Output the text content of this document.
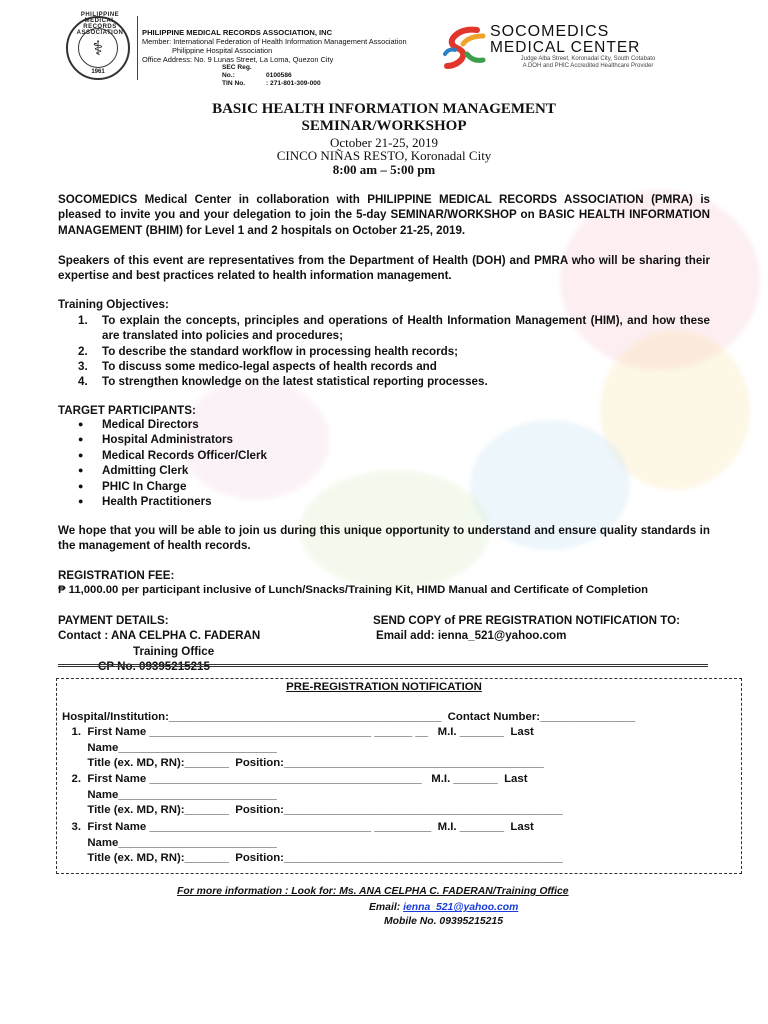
PHILIPPINE MEDICAL RECORDS ASSOCIATION
⚕
1961
PHILIPPINE MEDICAL RECORDS ASSOCIATION, INC
Member: International Federation of Health Information Management Association
Philippine Hospital Association
Office Address: No. 9 Lunas Street, La Loma, Quezon City
SEC Reg. No.:	0100586
TIN No.	: 271-801-309-000
SOCOMEDICS
MEDICAL CENTER
Judge Alba Street, Koronadal City, South Cotabato
A DOH and PHIC Accredited Healthcare Provider
BASIC HEALTH INFORMATION MANAGEMENT
SEMINAR/WORKSHOP
October 21-25, 2019
CINCO NIÑAS RESTO, Koronadal City
8:00 am – 5:00 pm
SOCOMEDICS Medical Center in collaboration with PHILIPPINE MEDICAL RECORDS ASSOCIATION (PMRA) is pleased to invite you and your delegation to join the 5-day SEMINAR/WORKSHOP on BASIC HEALTH INFORMATION MANAGEMENT (BHIM) for Level 1 and 2 hospitals on October 21-25, 2019.
Speakers of this event are representatives from the Department of Health (DOH) and PMRA who will be sharing their expertise and best practices related to health information management.
Training Objectives:
1.	To explain the concepts, principles and operations of Health Information Management (HIM), and how these are translated into policies and procedures;
2.	To describe the standard workflow in processing health records;
3.	To discuss some medico-legal aspects of health records and
4.	To strengthen knowledge on the latest statistical reporting processes.
TARGET PARTICIPANTS:
●	Medical Directors
●	Hospital Administrators
●	Medical Records Officer/Clerk
●	Admitting Clerk
●	PHIC In Charge
●	Health Practitioners
We hope that you will be able to join us during this unique opportunity to understand and ensure quality standards in the management of health records.
REGISTRATION FEE:
₱ 11,000.00 per participant inclusive of Lunch/Snacks/Training Kit, HIMD Manual and Certificate of Completion
PAYMENT DETAILS:
Contact : ANA CELPHA C. FADERAN
Training Office
CP No. 09395215215
SEND COPY of PRE REGISTRATION NOTIFICATION TO:
Email add: ienna_521@yahoo.com
PRE-REGISTRATION NOTIFICATION
Hospital/Institution:___________________________________________  Contact Number:_______________
1.  First Name ___________________________________ ______ __   M.I. _______  Last
Name_________________________
Title (ex. MD, RN):_______  Position:_________________________________________
2.  First Name ___________________________________________   M.I. _______  Last
Name_________________________
Title (ex. MD, RN):_______  Position:____________________________________________
3.  First Name ___________________________________ _________  M.I. _______  Last
Name_________________________
Title (ex. MD, RN):_______  Position:____________________________________________
For more information : Look for: Ms. ANA CELPHA C. FADERAN/Training Office
Email: ienna_521@yahoo.com
Mobile No. 09395215215
